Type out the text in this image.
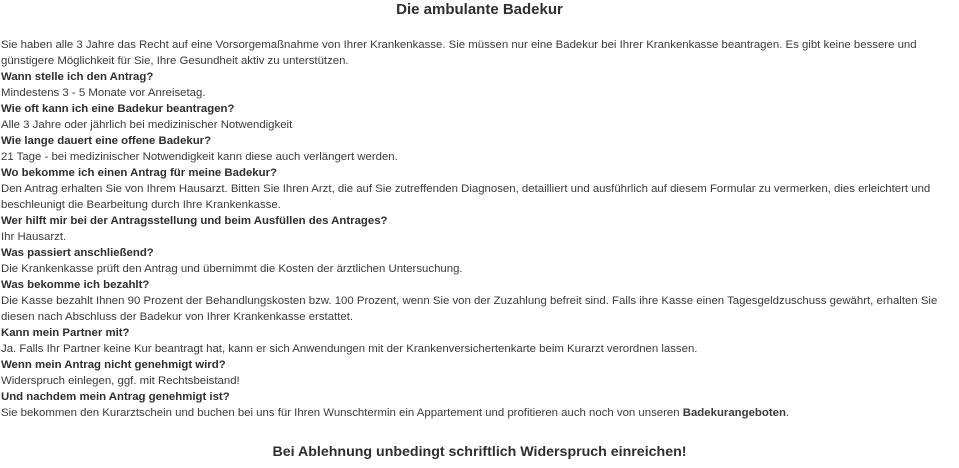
Die ambulante Badekur

Sie haben alle 3 Jahre das Recht auf eine Vorsorgemaßnahme von Ihrer Krankenkasse. Sie müssen nur eine Badekur bei Ihrer Krankenkasse beantragen. Es gibt keine bessere und günstigere Möglichkeit für Sie, Ihre Gesundheit aktiv zu unterstützen.

Wann stelle ich den Antrag?

Mindestens 3 - 5 Monate vor Anreisetag.

Wie oft kann ich eine Badekur beantragen?

Alle 3 Jahre oder jährlich bei medizinischer Notwendigkeit

Wie lange dauert eine offene Badekur?

21 Tage - bei medizinischer Notwendigkeit kann diese auch verlängert werden.

Wo bekomme ich einen Antrag für meine Badekur?

Den Antrag erhalten Sie von Ihrem Hausarzt. Bitten Sie Ihren Arzt, die auf Sie zutreffenden Diagnosen, detailliert und ausführlich auf diesem Formular zu vermerken, dies erleichtert und beschleunigt die Bearbeitung durch Ihre Krankenkasse.

Wer hilft mir bei der Antragsstellung und beim Ausfüllen des Antrages?

Ihr Hausarzt.

Was passiert anschließend?

Die Krankenkasse prüft den Antrag und übernimmt die Kosten der ärztlichen Untersuchung.

Was bekomme ich bezahlt?

Die Kasse bezahlt Ihnen 90 Prozent der Behandlungskosten bzw. 100 Prozent, wenn Sie von der Zuzahlung befreit sind. Falls ihre Kasse einen Tagesgeldzuschuss gewährt, erhalten Sie diesen nach Abschluss der Badekur von Ihrer Krankenkasse erstattet.

Kann mein Partner mit?

Ja. Falls Ihr Partner keine Kur beantragt hat, kann er sich Anwendungen mit der Krankenversichertenkarte beim Kurarzt verordnen lassen.

Wenn mein Antrag nicht genehmigt wird?

Widerspruch einlegen, ggf. mit Rechtsbeistand!

Und nachdem mein Antrag genehmigt ist?

Sie bekommen den Kurarztschein und buchen bei uns für Ihren Wunschtermin ein Appartement und profitieren auch noch von unseren Badekurangeboten.

Bei Ablehnung unbedingt schriftlich Widerspruch einreichen!
